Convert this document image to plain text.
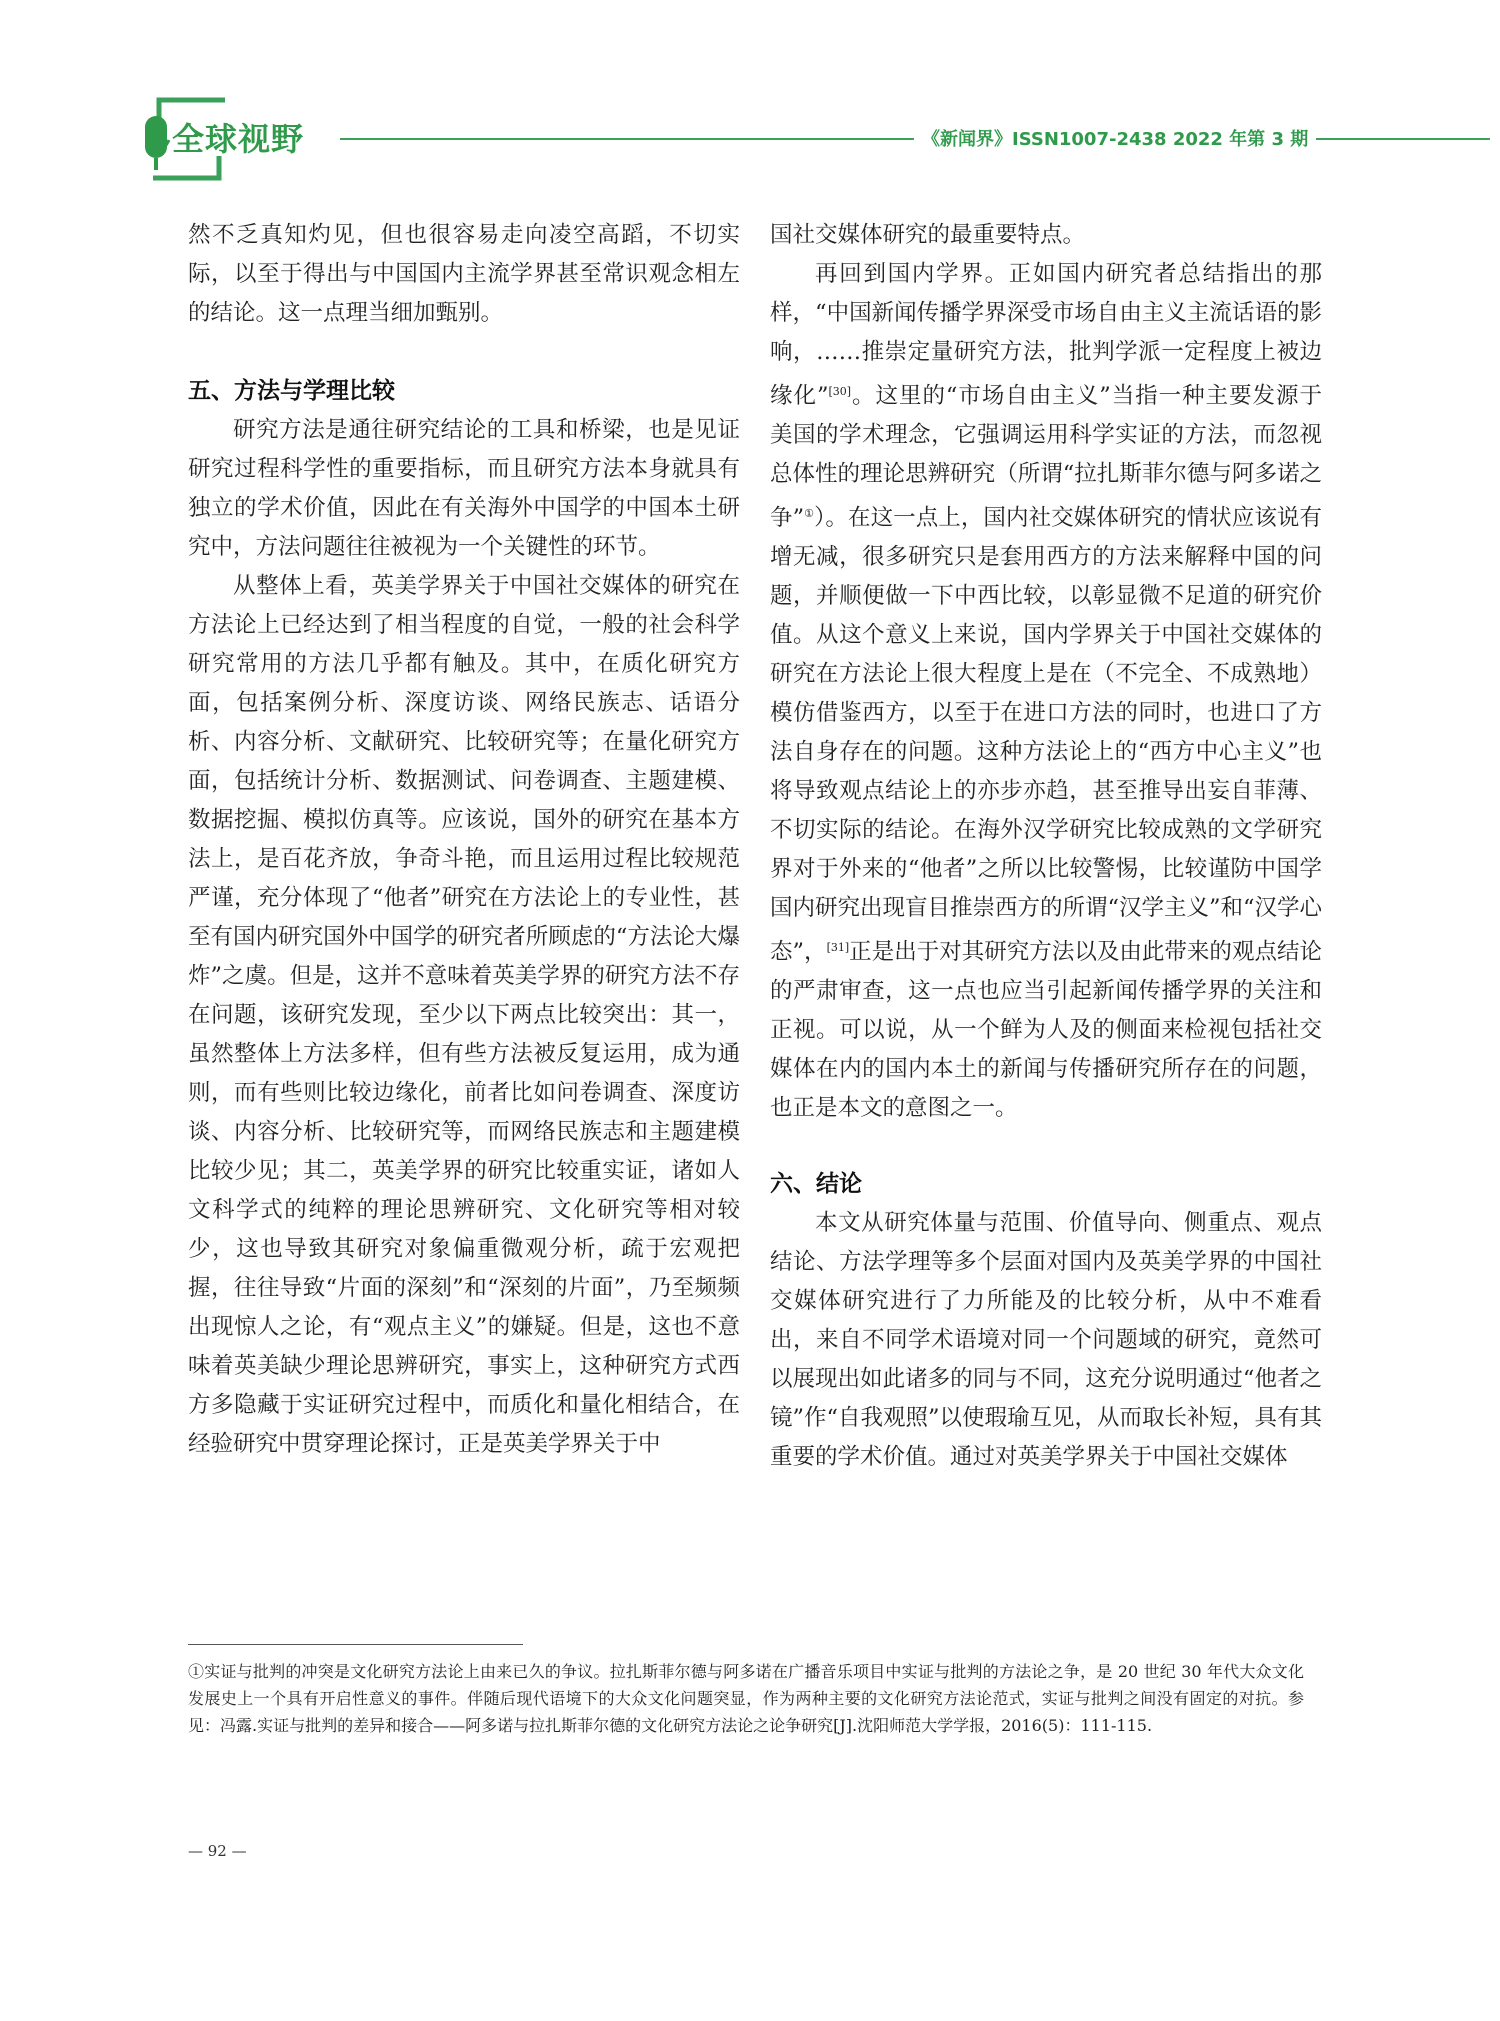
全球视野	《新闻界》ISSN1007-2438 2022 年第 3 期

然不乏真知灼见，但也很容易走向凌空高蹈，不切实际，以至于得出与中国国内主流学界甚至常识观念相左的结论。这一点理当细加甄别。

五、方法与学理比较

研究方法是通往研究结论的工具和桥梁，也是见证研究过程科学性的重要指标，而且研究方法本身就具有独立的学术价值，因此在有关海外中国学的中国本土研究中，方法问题往往被视为一个关键性的环节。

从整体上看，英美学界关于中国社交媒体的研究在方法论上已经达到了相当程度的自觉，一般的社会科学研究常用的方法几乎都有触及。其中，在质化研究方面，包括案例分析、深度访谈、网络民族志、话语分析、内容分析、文献研究、比较研究等；在量化研究方面，包括统计分析、数据测试、问卷调查、主题建模、数据挖掘、模拟仿真等。应该说，国外的研究在基本方法上，是百花齐放，争奇斗艳，而且运用过程比较规范严谨，充分体现了“他者”研究在方法论上的专业性，甚至有国内研究国外中国学的研究者所顾虑的“方法论大爆炸”之虞。但是，这并不意味着英美学界的研究方法不存在问题，该研究发现，至少以下两点比较突出：其一，虽然整体上方法多样，但有些方法被反复运用，成为通则，而有些则比较边缘化，前者比如问卷调查、深度访谈、内容分析、比较研究等，而网络民族志和主题建模比较少见；其二，英美学界的研究比较重实证，诸如人文科学式的纯粹的理论思辨研究、文化研究等相对较少，这也导致其研究对象偏重微观分析，疏于宏观把握，往往导致“片面的深刻”和“深刻的片面”，乃至频频出现惊人之论，有“观点主义”的嫌疑。但是，这也不意味着英美缺少理论思辨研究，事实上，这种研究方式西方多隐藏于实证研究过程中，而质化和量化相结合，在经验研究中贯穿理论探讨，正是英美学界关于中

国社交媒体研究的最重要特点。

再回到国内学界。正如国内研究者总结指出的那样，“中国新闻传播学界深受市场自由主义主流话语的影响，……推崇定量研究方法，批判学派一定程度上被边缘化”[30]。这里的“市场自由主义”当指一种主要发源于美国的学术理念，它强调运用科学实证的方法，而忽视总体性的理论思辨研究（所谓“拉扎斯菲尔德与阿多诺之争”①）。在这一点上，国内社交媒体研究的情状应该说有增无减，很多研究只是套用西方的方法来解释中国的问题，并顺便做一下中西比较，以彰显微不足道的研究价值。从这个意义上来说，国内学界关于中国社交媒体的研究在方法论上很大程度上是在（不完全、不成熟地）模仿借鉴西方，以至于在进口方法的同时，也进口了方法自身存在的问题。这种方法论上的“西方中心主义”也将导致观点结论上的亦步亦趋，甚至推导出妄自菲薄、不切实际的结论。在海外汉学研究比较成熟的文学研究界对于外来的“他者”之所以比较警惕，比较谨防中国学国内研究出现盲目推崇西方的所谓“汉学主义”和“汉学心态”，[31]正是出于对其研究方法以及由此带来的观点结论的严肃审查，这一点也应当引起新闻传播学界的关注和正视。可以说，从一个鲜为人及的侧面来检视包括社交媒体在内的国内本土的新闻与传播研究所存在的问题，也正是本文的意图之一。

六、结论

本文从研究体量与范围、价值导向、侧重点、观点结论、方法学理等多个层面对国内及英美学界的中国社交媒体研究进行了力所能及的比较分析，从中不难看出，来自不同学术语境对同一个问题域的研究，竟然可以展现出如此诸多的同与不同，这充分说明通过“他者之镜”作“自我观照”以使瑕瑜互见，从而取长补短，具有其重要的学术价值。通过对英美学界关于中国社交媒体

①实证与批判的冲突是文化研究方法论上由来已久的争议。拉扎斯菲尔德与阿多诺在广播音乐项目中实证与批判的方法论之争，是 20 世纪 30 年代大众文化发展史上一个具有开启性意义的事件。伴随后现代语境下的大众文化问题突显，作为两种主要的文化研究方法论范式，实证与批判之间没有固定的对抗。参见：冯露.实证与批判的差异和接合——阿多诺与拉扎斯菲尔德的文化研究方法论之论争研究[J].沈阳师范大学学报，2016(5)：111-115.
— 92 —
